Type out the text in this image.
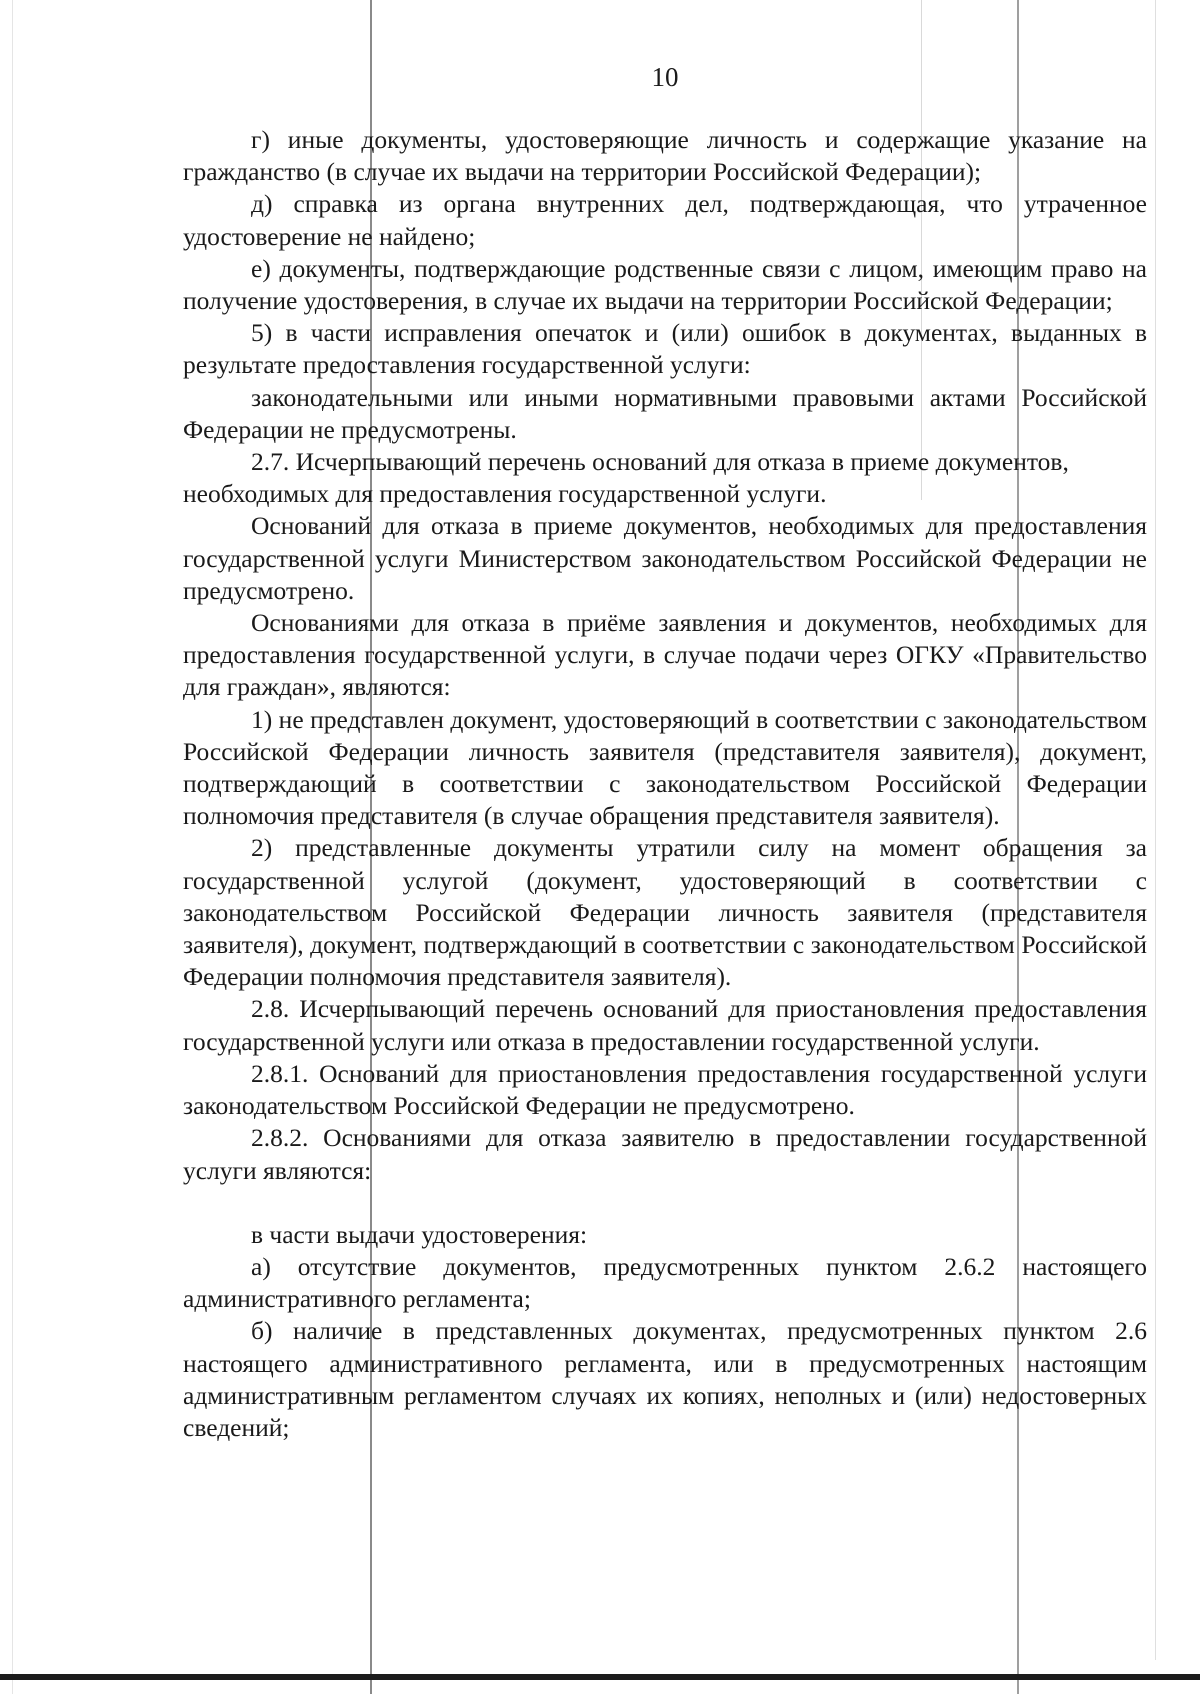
10

г) иные документы, удостоверяющие личность и содержащие указание на гражданство (в случае их выдачи на территории Российской Федерации);

д) справка из органа внутренних дел, подтверждающая, что утраченное удостоверение не найдено;

е) документы, подтверждающие родственные связи с лицом, имеющим право на получение удостоверения, в случае их выдачи на территории Российской Федерации;

5) в части исправления опечаток и (или) ошибок в документах, выданных в результате предоставления государственной услуги:

законодательными или иными нормативными правовыми актами Российской Федерации не предусмотрены.

2.7. Исчерпывающий перечень оснований для отказа в приеме документов, необходимых для предоставления государственной услуги.

Оснований для отказа в приеме документов, необходимых для предоставления государственной услуги Министерством законодательством Российской Федерации не предусмотрено.

Основаниями для отказа в приёме заявления и документов, необходимых для предоставления государственной услуги, в случае подачи через ОГКУ «Правительство для граждан», являются:

1) не представлен документ, удостоверяющий в соответствии с законодательством Российской Федерации личность заявителя (представителя заявителя), документ, подтверждающий в соответствии с законодательством Российской Федерации полномочия представителя (в случае обращения представителя заявителя).

2) представленные документы утратили силу на момент обращения за государственной услугой (документ, удостоверяющий в соответствии с законодательством Российской Федерации личность заявителя (представителя заявителя), документ, подтверждающий в соответствии с законодательством Российской Федерации полномочия представителя заявителя).

2.8. Исчерпывающий перечень оснований для приостановления предоставления государственной услуги или отказа в предоставлении государственной услуги.

2.8.1. Оснований для приостановления предоставления государственной услуги законодательством Российской Федерации не предусмотрено.

2.8.2. Основаниями для отказа заявителю в предоставлении государственной услуги являются:

в части выдачи удостоверения:

а) отсутствие документов, предусмотренных пунктом 2.6.2 настоящего административного регламента;

б) наличие в представленных документах, предусмотренных пунктом 2.6 настоящего административного регламента, или в предусмотренных настоящим административным регламентом случаях их копиях, неполных и (или) недостоверных сведений;
